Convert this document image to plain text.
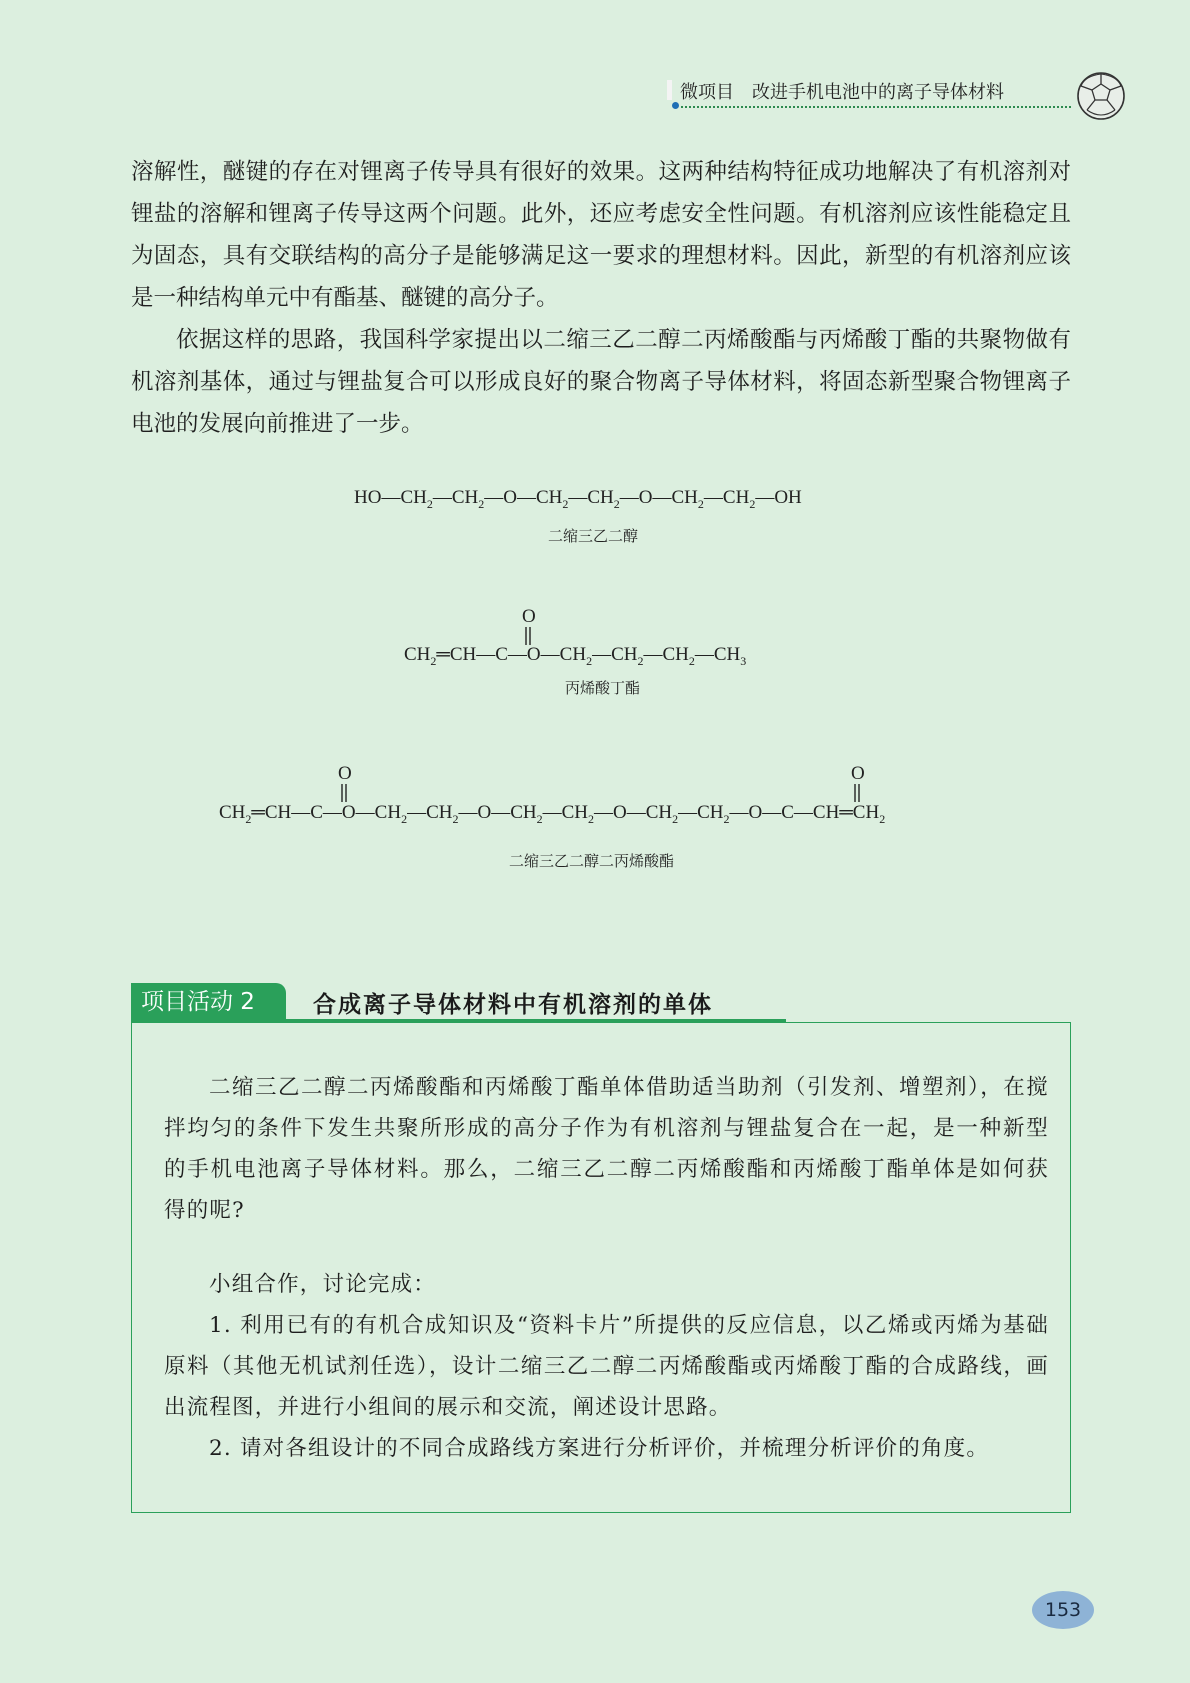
微项目　改进手机电池中的离子导体材料

溶解性，醚键的存在对锂离子传导具有很好的效果。这两种结构特征成功地解决了有机溶剂对锂盐的溶解和锂离子传导这两个问题。此外，还应考虑安全性问题。有机溶剂应该性能稳定且为固态，具有交联结构的高分子是能够满足这一要求的理想材料。因此，新型的有机溶剂应该是一种结构单元中有酯基、醚键的高分子。

依据这样的思路，我国科学家提出以二缩三乙二醇二丙烯酸酯与丙烯酸丁酯的共聚物做有机溶剂基体，通过与锂盐复合可以形成良好的聚合物离子导体材料，将固态新型聚合物锂离子电池的发展向前推进了一步。

$HO—CH_2—CH_2—O—CH_2—CH_2—O—CH_2—CH_2—OH$
二缩三乙二醇
O
$CH_2═CH—C—O—CH_2—CH_2—CH_2—CH_3$
丙烯酸丁酯
O	O
$CH_2═CH—C—O—CH_2—CH_2—O—CH_2—CH_2—O—CH_2—CH_2—O—C—CH═CH_2$
二缩三乙二醇二丙烯酸酯
项目活动 2	合成离子导体材料中有机溶剂的单体

二缩三乙二醇二丙烯酸酯和丙烯酸丁酯单体借助适当助剂（引发剂、增塑剂），在搅拌均匀的条件下发生共聚所形成的高分子作为有机溶剂与锂盐复合在一起，是一种新型的手机电池离子导体材料。那么，二缩三乙二醇二丙烯酸酯和丙烯酸丁酯单体是如何获得的呢?

小组合作，讨论完成：

1. 利用已有的有机合成知识及“资料卡片”所提供的反应信息，以乙烯或丙烯为基础原料（其他无机试剂任选），设计二缩三乙二醇二丙烯酸酯或丙烯酸丁酯的合成路线，画出流程图，并进行小组间的展示和交流，阐述设计思路。

2. 请对各组设计的不同合成路线方案进行分析评价，并梳理分析评价的角度。

153
